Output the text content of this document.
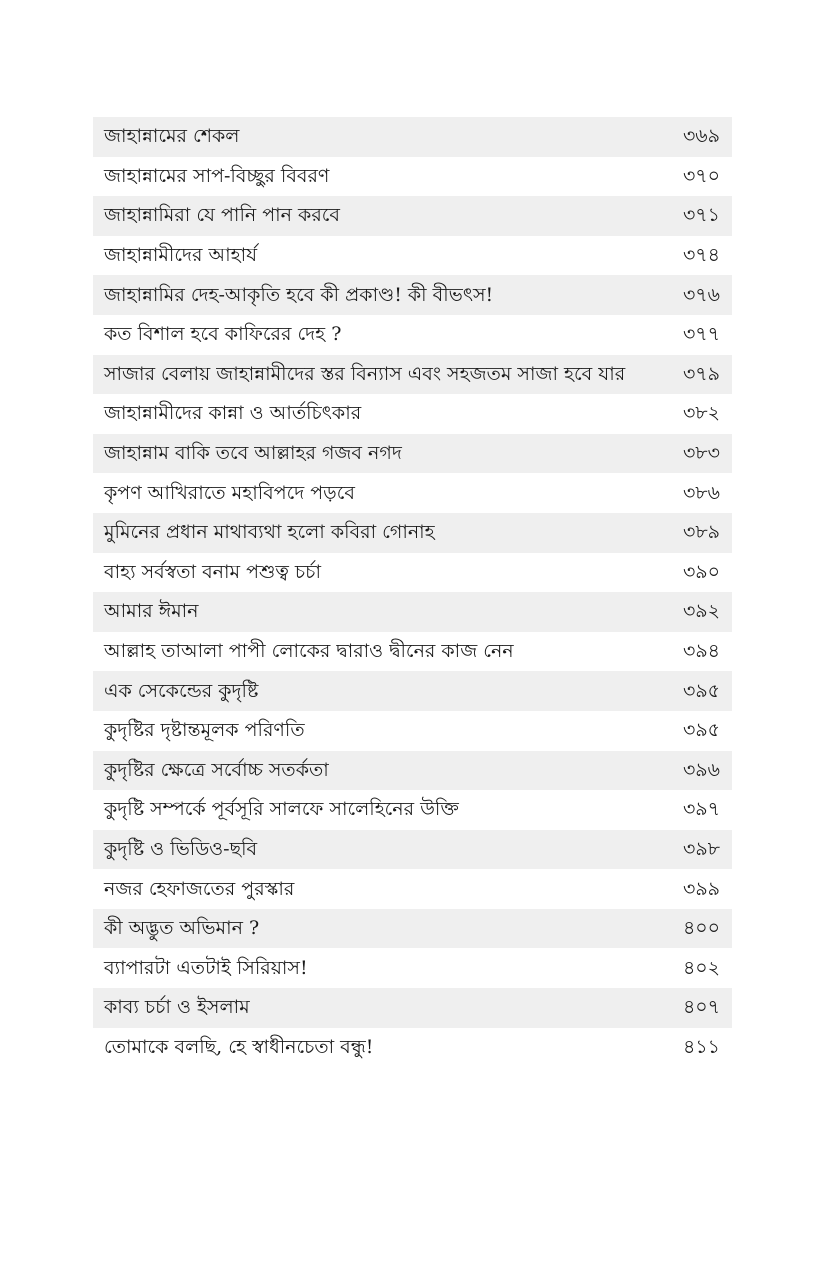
জাহান্নামের শেকল	৩৬৯
জাহান্নামের সাপ-বিচ্ছুর বিবরণ	৩৭০
জাহান্নামিরা যে পানি পান করবে	৩৭১
জাহান্নামীদের আহার্য	৩৭৪
জাহান্নামির দেহ-আকৃতি হবে কী প্রকাণ্ড! কী বীভৎস!	৩৭৬
কত বিশাল হবে কাফিরের দেহ ?	৩৭৭
সাজার বেলায় জাহান্নামীদের স্তর বিন্যাস এবং সহজতম সাজা হবে যার	৩৭৯
জাহান্নামীদের কান্না ও আর্তচিৎকার	৩৮২
জাহান্নাম বাকি তবে আল্লাহর গজব নগদ	৩৮৩
কৃপণ আখিরাতে মহাবিপদে পড়বে	৩৮৬
মুমিনের প্রধান মাথাব্যথা হলো কবিরা গোনাহ	৩৮৯
বাহ্য সর্বস্বতা বনাম পশুত্ব চর্চা	৩৯০
আমার ঈমান	৩৯২
আল্লাহ তাআলা পাপী লোকের দ্বারাও দ্বীনের কাজ নেন	৩৯৪
এক সেকেন্ডের কুদৃষ্টি	৩৯৫
কুদৃষ্টির দৃষ্টান্তমূলক পরিণতি	৩৯৫
কুদৃষ্টির ক্ষেত্রে সর্বোচ্চ সতর্কতা	৩৯৬
কুদৃষ্টি সম্পর্কে পূর্বসূরি সালফে সালেহিনের উক্তি	৩৯৭
কুদৃষ্টি ও ভিডিও-ছবি	৩৯৮
নজর হেফাজতের পুরস্কার	৩৯৯
কী অদ্ভুত অভিমান ?	৪০০
ব্যাপারটা এতটাই সিরিয়াস!	৪০২
কাব্য চর্চা ও ইসলাম	৪০৭
তোমাকে বলছি, হে স্বাধীনচেতা বন্ধু!	৪১১
